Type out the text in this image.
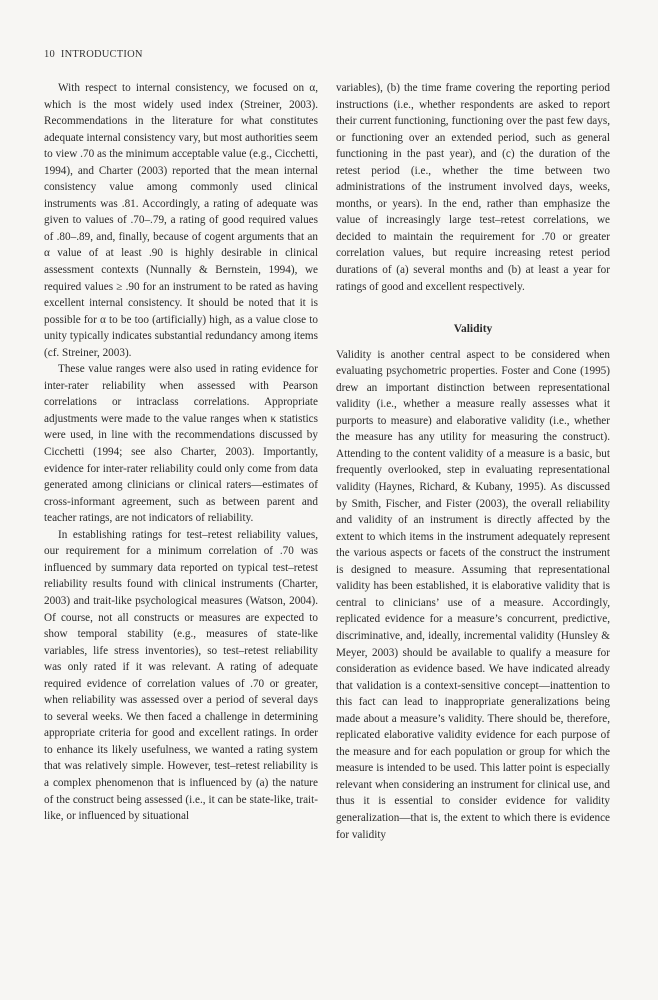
10 INTRODUCTION

With respect to internal consistency, we focused on α, which is the most widely used index (Streiner, 2003). Recommendations in the literature for what constitutes adequate internal consistency vary, but most authorities seem to view .70 as the minimum acceptable value (e.g., Cicchetti, 1994), and Charter (2003) reported that the mean internal consistency value among commonly used clinical instruments was .81. Accordingly, a rating of adequate was given to values of .70–.79, a rating of good required values of .80–.89, and, finally, because of cogent arguments that an α value of at least .90 is highly desirable in clinical assessment contexts (Nunnally & Bernstein, 1994), we required values ≥ .90 for an instrument to be rated as having excellent internal consistency. It should be noted that it is possible for α to be too (artificially) high, as a value close to unity typically indicates substantial redundancy among items (cf. Streiner, 2003).

These value ranges were also used in rating evidence for inter-rater reliability when assessed with Pearson correlations or intraclass correlations. Appropriate adjustments were made to the value ranges when κ statistics were used, in line with the recommendations discussed by Cicchetti (1994; see also Charter, 2003). Importantly, evidence for inter-rater reliability could only come from data generated among clinicians or clinical raters—estimates of cross-informant agreement, such as between parent and teacher ratings, are not indicators of reliability.

In establishing ratings for test–retest reliability values, our requirement for a minimum correlation of .70 was influenced by summary data reported on typical test–retest reliability results found with clinical instruments (Charter, 2003) and trait-like psychological measures (Watson, 2004). Of course, not all constructs or measures are expected to show temporal stability (e.g., measures of state-like variables, life stress inventories), so test–retest reliability was only rated if it was relevant. A rating of adequate required evidence of correlation values of .70 or greater, when reliability was assessed over a period of several days to several weeks. We then faced a challenge in determining appropriate criteria for good and excellent ratings. In order to enhance its likely usefulness, we wanted a rating system that was relatively simple. However, test–retest reliability is a complex phenomenon that is influenced by (a) the nature of the construct being assessed (i.e., it can be state-like, trait-like, or influenced by situational

variables), (b) the time frame covering the reporting period instructions (i.e., whether respondents are asked to report their current functioning, functioning over the past few days, or functioning over an extended period, such as general functioning in the past year), and (c) the duration of the retest period (i.e., whether the time between two administrations of the instrument involved days, weeks, months, or years). In the end, rather than emphasize the value of increasingly large test–retest correlations, we decided to maintain the requirement for .70 or greater correlation values, but require increasing retest period durations of (a) several months and (b) at least a year for ratings of good and excellent respectively.

Validity

Validity is another central aspect to be considered when evaluating psychometric properties. Foster and Cone (1995) drew an important distinction between representational validity (i.e., whether a measure really assesses what it purports to measure) and elaborative validity (i.e., whether the measure has any utility for measuring the construct). Attending to the content validity of a measure is a basic, but frequently overlooked, step in evaluating representational validity (Haynes, Richard, & Kubany, 1995). As discussed by Smith, Fischer, and Fister (2003), the overall reliability and validity of an instrument is directly affected by the extent to which items in the instrument adequately represent the various aspects or facets of the construct the instrument is designed to measure. Assuming that representational validity has been established, it is elaborative validity that is central to clinicians’ use of a measure. Accordingly, replicated evidence for a measure’s concurrent, predictive, discriminative, and, ideally, incremental validity (Hunsley & Meyer, 2003) should be available to qualify a measure for consideration as evidence based. We have indicated already that validation is a context-sensitive concept—inattention to this fact can lead to inappropriate generalizations being made about a measure’s validity. There should be, therefore, replicated elaborative validity evidence for each purpose of the measure and for each population or group for which the measure is intended to be used. This latter point is especially relevant when considering an instrument for clinical use, and thus it is essential to consider evidence for validity generalization—that is, the extent to which there is evidence for validity
